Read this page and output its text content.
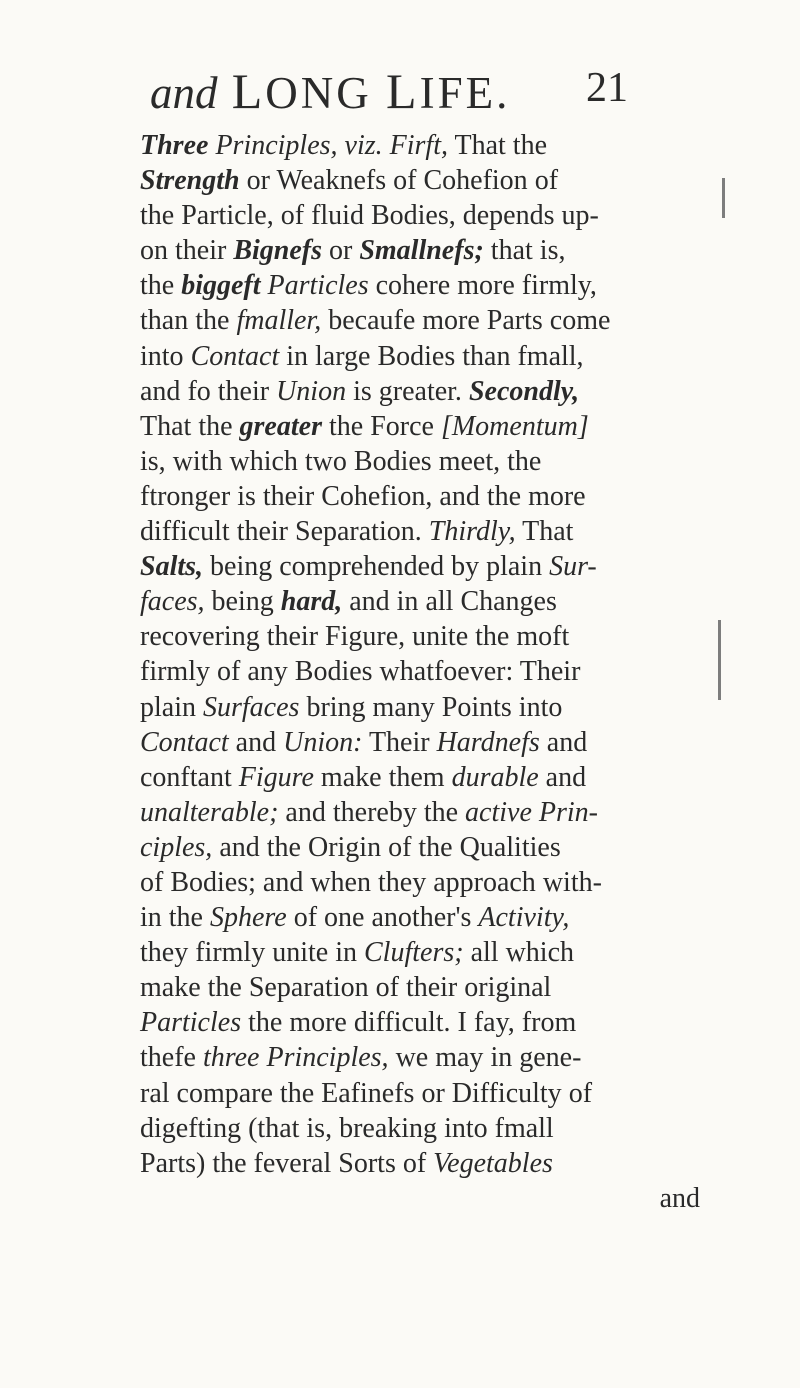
and LONG LIFE. 21
Three Principles, viz. Firft, That the
Strength or Weaknefs of Cohefion of
the Particle, of fluid Bodies, depends up-
on their Bignefs or Smallnefs; that is,
the biggeft Particles cohere more firmly,
than the fmaller, becaufe more Parts come
into Contact in large Bodies than fmall,
and fo their Union is greater. Secondly,
That the greater the Force [Momentum]
is, with which two Bodies meet, the
ftronger is their Cohefion, and the more
difficult their Separation. Thirdly, That
Salts, being comprehended by plain Sur-
faces, being hard, and in all Changes
recovering their Figure, unite the moft
firmly of any Bodies whatfoever: Their
plain Surfaces bring many Points into
Contact and Union: Their Hardnefs and
conftant Figure make them durable and
unalterable; and thereby the active Prin-
ciples, and the Origin of the Qualities
of Bodies; and when they approach with-
in the Sphere of one another's Activity,
they firmly unite in Clufters; all which
make the Separation of their original
Particles the more difficult. I fay, from
thefe three Principles, we may in gene-
ral compare the Eafinefs or Difficulty of
digefting (that is, breaking into fmall
Parts) the feveral Sorts of Vegetables
and
